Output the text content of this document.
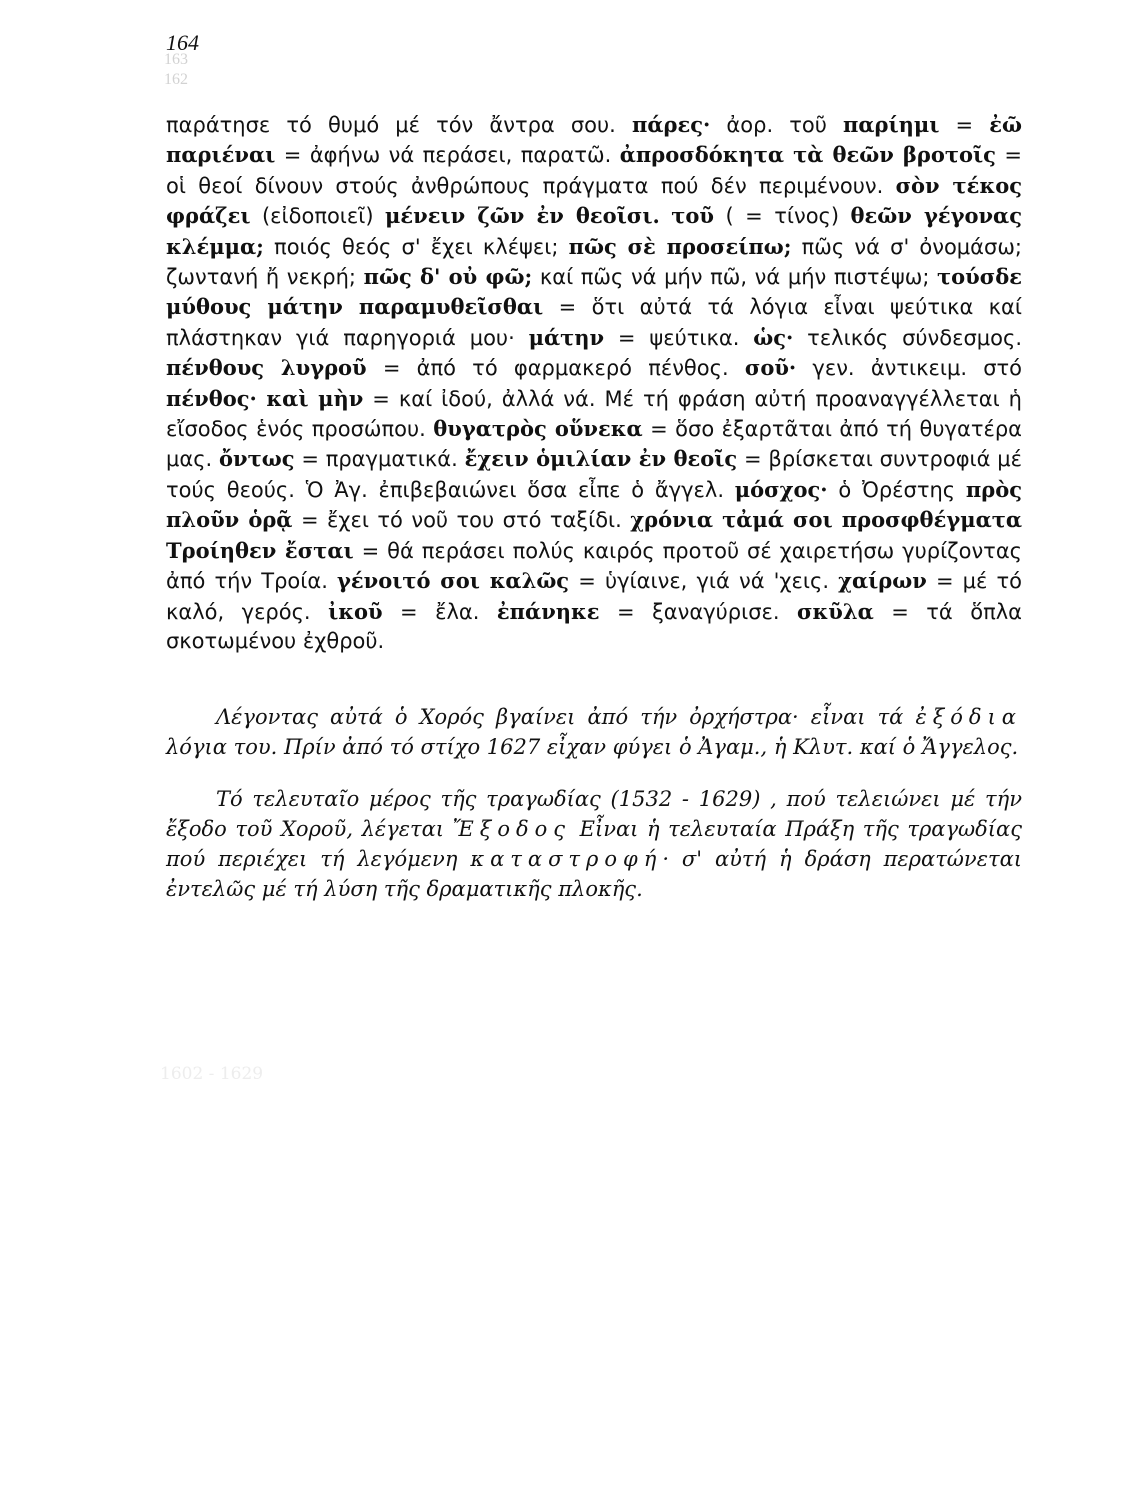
164
163
162
1602 - 1629

παράτησε τό θυμό μέ τόν ἄντρα σου. πάρες· ἀορ. τοῦ παρίημι = ἐῶ παριέναι = ἀφήνω νά περάσει, παρατῶ. ἀπροσδόκητα τὰ θεῶν βροτοῖς = οἱ θεοί δίνουν στούς ἀνθρώπους πράγματα πού δέν περιμένουν. σὸν τέκος φράζει (εἰδοποιεῖ) μένειν ζῶν ἐν θεοῖσι. τοῦ ( = τίνος) θεῶν γέγονας κλέμμα; ποιός θεός σ' ἔχει κλέψει; πῶς σὲ προσείπω; πῶς νά σ' ὀνομάσω; ζωντανή ἤ νεκρή; πῶς δ' οὐ φῶ; καί πῶς νά μήν πῶ, νά μήν πιστέψω; τούσδε μύθους μάτην παραμυθεῖσθαι = ὅτι αὐτά τά λόγια εἶναι ψεύτικα καί πλάστηκαν γιά παρηγοριά μου· μάτην = ψεύτικα. ὡς· τελικός σύνδεσμος. πένθους λυγροῦ = ἀπό τό φαρμακερό πένθος. σοῦ· γεν. ἀντικειμ. στό πένθος· καὶ μὴν = καί ἰδού, ἀλλά νά. Μέ τή φράση αὐτή προαναγγέλλεται ἡ εἴσοδος ἑνός προσώπου. θυγατρὸς οὕνεκα = ὅσο ἐξαρτᾶται ἀπό τή θυγατέρα μας. ὄντως = πραγματικά. ἔχειν ὁμιλίαν ἐν θεοῖς = βρίσκεται συντροφιά μέ τούς θεούς. Ὁ Ἀγ. ἐπιβεβαιώνει ὅσα εἶπε ὁ ἄγγελ. μόσχος· ὁ Ὀρέστης πρὸς πλοῦν ὁρᾷ = ἔχει τό νοῦ του στό ταξίδι. χρόνια τἀμά σοι προσφθέγματα Τροίηθεν ἔσται = θά περάσει πολύς καιρός προτοῦ σέ χαιρετήσω γυρίζοντας ἀπό τήν Τροία. γένοιτό σοι καλῶς = ὑγίαινε, γιά νά 'χεις. χαίρων = μέ τό καλό, γερός. ἰκοῦ = ἔλα. ἐπάνηκε = ξαναγύρισε. σκῦλα = τά ὅπλα σκοτωμένου ἐχθροῦ.

Λέγοντας αὐτά ὁ Χορός βγαίνει ἀπό τήν ὀρχήστρα· εἶναι τά ἐξόδια λόγια του. Πρίν ἀπό τό στίχο 1627 εἶχαν φύγει ὁ Ἀγαμ., ἡ Κλυτ. καί ὁ Ἄγγελος.

Τό τελευταῖο μέρος τῆς τραγωδίας (1532 - 1629) , πού τελειώνει μέ τήν ἔξοδο τοῦ Χοροῦ, λέγεται Ἔξοδος Εἶναι ἡ τελευταία Πράξη τῆς τραγωδίας πού περιέχει τή λεγόμενη καταστροφή· σ' αὐτή ἡ δράση περατώνεται ἐντελῶς μέ τή λύση τῆς δραματικῆς πλοκῆς.
